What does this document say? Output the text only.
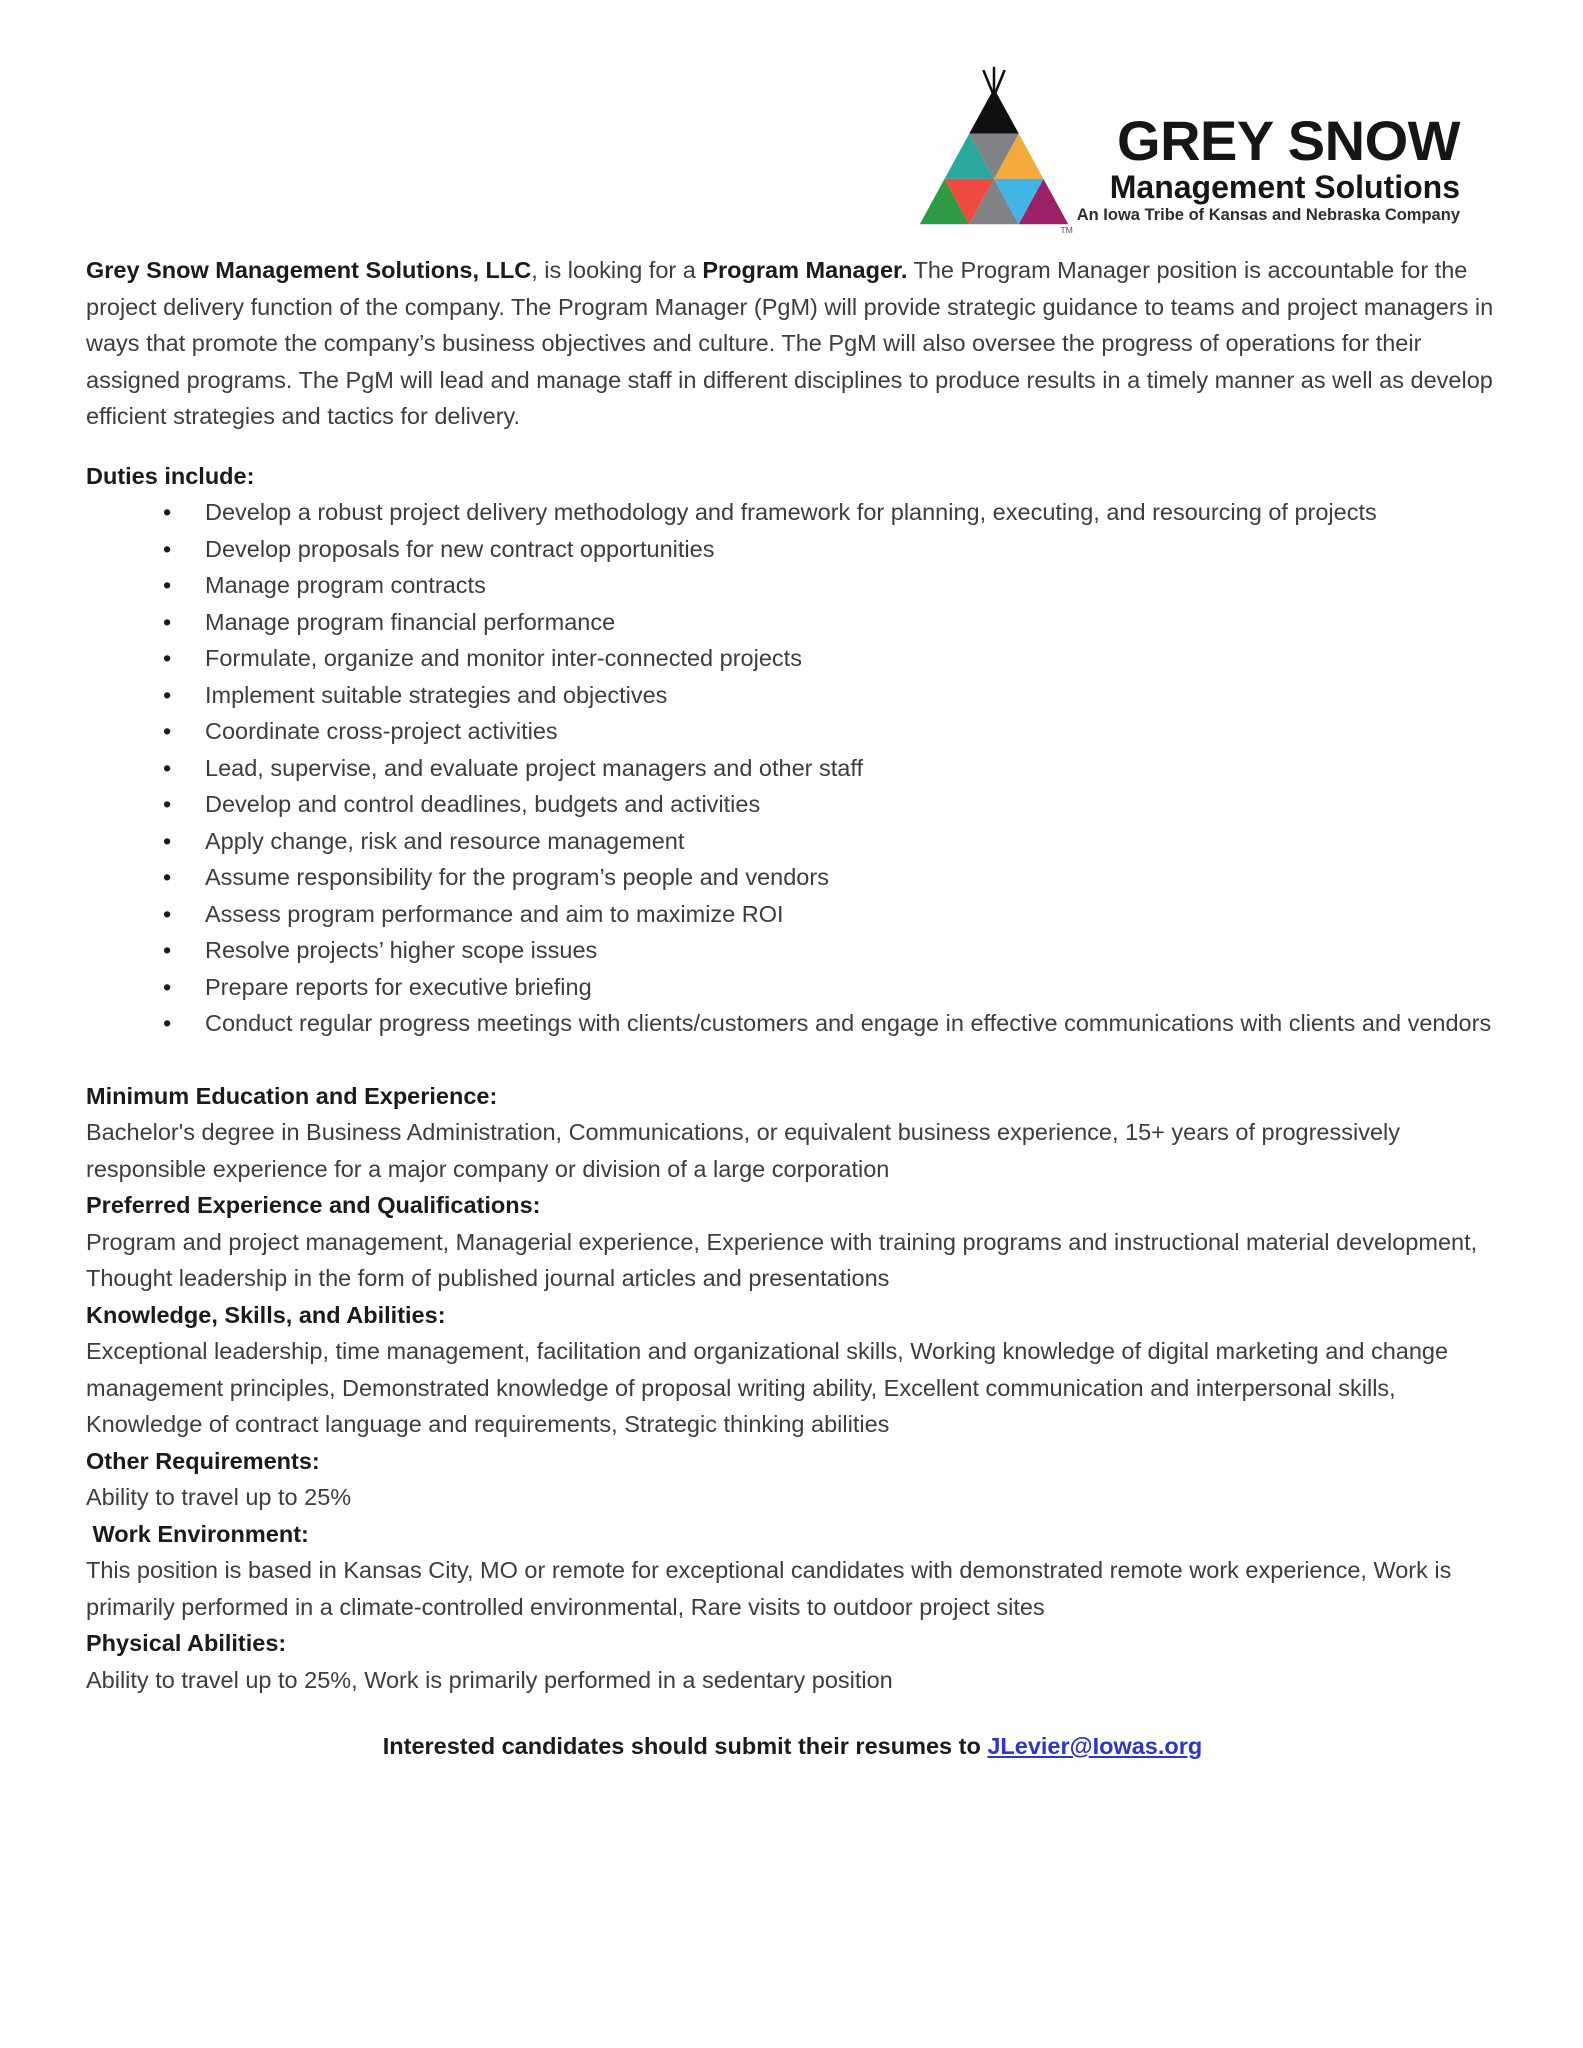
TM
GREY SNOW
Management Solutions
An Iowa Tribe of Kansas and Nebraska Company

Grey Snow Management Solutions, LLC, is looking for a Program Manager. The Program Manager position is accountable for the project delivery function of the company. The Program Manager (PgM) will provide strategic guidance to teams and project managers in ways that promote the company’s business objectives and culture. The PgM will also oversee the progress of operations for their assigned programs. The PgM will lead and manage staff in different disciplines to produce results in a timely manner as well as develop efficient strategies and tactics for delivery.

Duties include:

• Develop a robust project delivery methodology and framework for planning, executing, and resourcing of projects
• Develop proposals for new contract opportunities
• Manage program contracts
• Manage program financial performance
• Formulate, organize and monitor inter-connected projects
• Implement suitable strategies and objectives
• Coordinate cross-project activities
• Lead, supervise, and evaluate project managers and other staff
• Develop and control deadlines, budgets and activities
• Apply change, risk and resource management
• Assume responsibility for the program’s people and vendors
• Assess program performance and aim to maximize ROI
• Resolve projects’ higher scope issues
• Prepare reports for executive briefing
• Conduct regular progress meetings with clients/customers and engage in effective communications with clients and vendors

Minimum Education and Experience:

Bachelor's degree in Business Administration, Communications, or equivalent business experience, 15+ years of progressively responsible experience for a major company or division of a large corporation

Preferred Experience and Qualifications:

Program and project management, Managerial experience, Experience with training programs and instructional material development, Thought leadership in the form of published journal articles and presentations

Knowledge, Skills, and Abilities:

Exceptional leadership, time management, facilitation and organizational skills, Working knowledge of digital marketing and change management principles, Demonstrated knowledge of proposal writing ability, Excellent communication and interpersonal skills, Knowledge of contract language and requirements, Strategic thinking abilities

Other Requirements:

Ability to travel up to 25%

Work Environment:

This position is based in Kansas City, MO or remote for exceptional candidates with demonstrated remote work experience, Work is primarily performed in a climate-controlled environmental, Rare visits to outdoor project sites

Physical Abilities:

Ability to travel up to 25%, Work is primarily performed in a sedentary position

Interested candidates should submit their resumes to JLevier@Iowas.org
